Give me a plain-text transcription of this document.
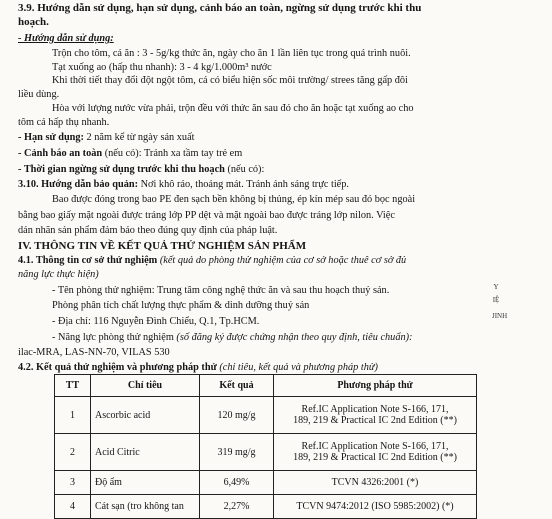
3.9. Hướng dẫn sử dụng, hạn sử dụng, cảnh báo an toàn, ngừng sử dụng trước khi thu
hoạch.
- Hướng dẫn sử dụng:
Trộn cho tôm, cá ăn : 3 - 5g/kg thức ăn, ngày cho ăn 1 lần liên tục trong quá trình nuôi.
Tạt xuống ao (hấp thu nhanh): 3 - 4 kg/1.000m³ nước
Khi thời tiết thay đổi đột ngột tôm, cá có biểu hiện sốc môi trường/ strees tăng gấp đôi
liều dùng.
Hòa với lượng nước vừa phải, trộn đều với thức ăn sau đó cho ăn hoặc tạt xuống ao cho
tôm cá hấp thụ nhanh.
- Hạn sử dụng: 2 năm kể từ ngày sản xuất
- Cảnh báo an toàn (nếu có): Tránh xa tầm tay trẻ em
- Thời gian ngừng sử dụng trước khi thu hoạch (nếu có):
3.10. Hướng dẫn bảo quản: Nơi khô ráo, thoáng mát. Tránh ánh sáng trực tiếp.
Bao được đóng trong bao PE đen sạch bền không bị thủng, ép kín mép sau đó bọc ngoài
bằng bao giấy mặt ngoài được tráng lớp PP dệt và mặt ngoài bao được tráng lớp nilon. Việc
dán nhãn sản phẩm đảm bảo theo đúng quy định của pháp luật.
IV. THÔNG TIN VỀ KẾT QUẢ THỬ NGHIỆM SẢN PHẨM
4.1. Thông tin cơ sở thử nghiệm (kết quả do phòng thử nghiệm của cơ sở hoặc thuê cơ sở đủ
năng lực thực hiện)
- Tên phòng thử nghiệm: Trung tâm công nghệ thức ăn và sau thu hoạch thuỷ sản.
Phòng phân tích chất lượng thực phẩm & dinh dưỡng thuỷ sản
- Địa chỉ: 116 Nguyễn Đình Chiểu, Q.1, Tp.HCM.
- Năng lực phòng thử nghiệm (số đăng ký được chứng nhận theo quy định, tiêu chuẩn):
ilac-MRA, LAS-NN-70, VILAS 530
4.2. Kết quả thử nghiệm và phương pháp thử (chỉ tiêu, kết quả và phương pháp thử)
TT	Chỉ tiêu	Kết quả	Phương pháp thử
1	Ascorbic acid	120 mg/g	Ref.IC Application Note S-166, 171,
189, 219 & Practical IC 2nd Edition (**)

2	Acid Citric	319 mg/g	Ref.IC Application Note S-166, 171,
189, 219 & Practical IC 2nd Edition (**)

3	Độ ẩm	6,49%	TCVN 4326:2001 (*)
4	Cát sạn (tro không tan	2,27%	TCVN 9474:2012 (ISO 5985:2002) (*)
Y
IỆ
JINH
